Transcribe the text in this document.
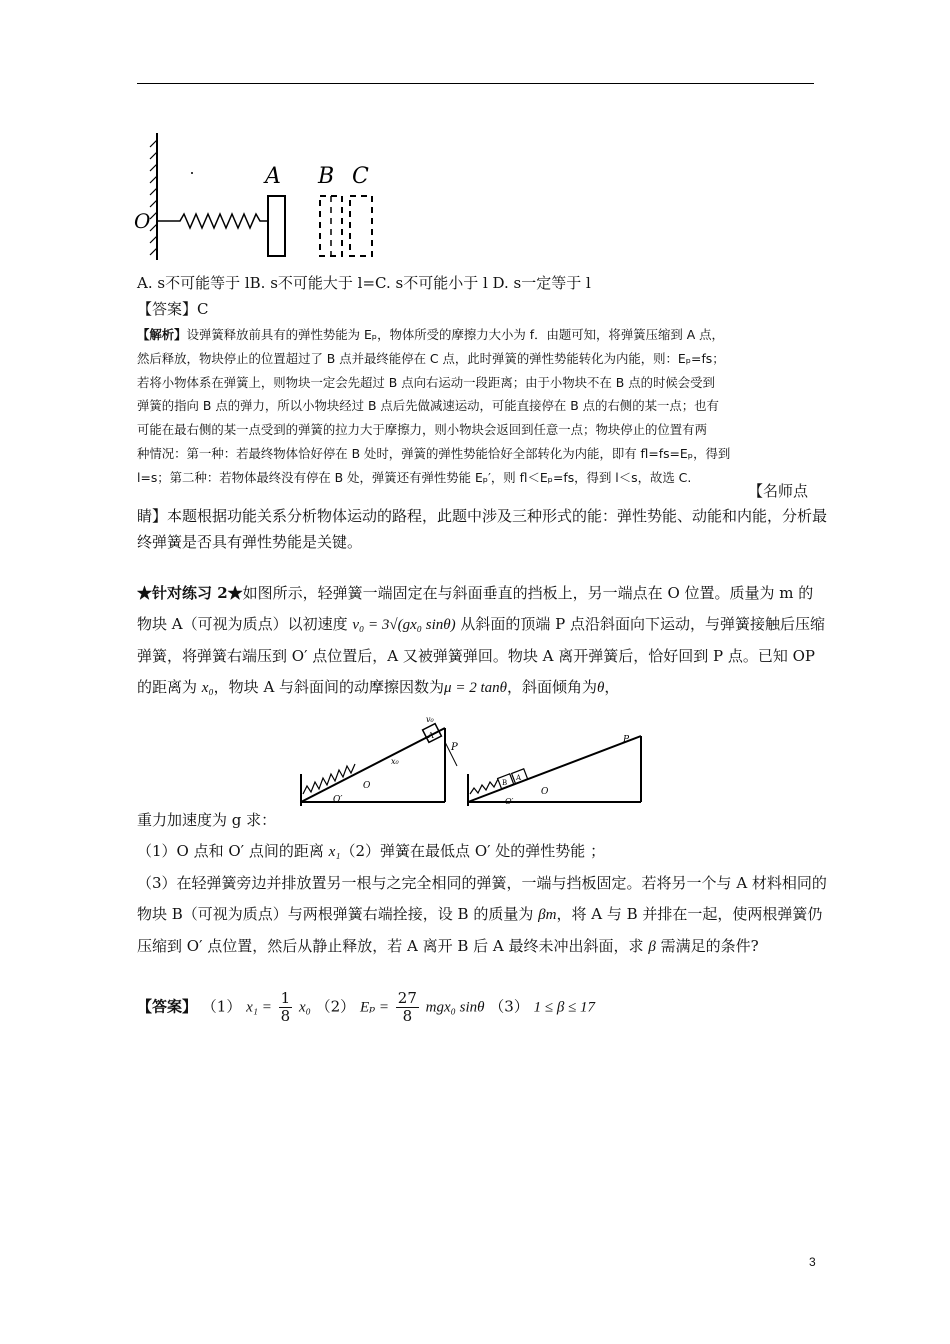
O
A B C
A. s不可能等于 lB. s不可能大于 l=C. s不可能小于 l D. s一定等于 l
【答案】C
【解析】设弹簧释放前具有的弹性势能为 Eₚ，物体所受的摩擦力大小为 f．由题可知，将弹簧压缩到 A 点，
然后释放，物块停止的位置超过了 B 点并最终能停在 C 点，此时弹簧的弹性势能转化为内能，则：Eₚ=fs；
若将小物体系在弹簧上，则物块一定会先超过 B 点向右运动一段距离；由于小物块不在 B 点的时候会受到
弹簧的指向 B 点的弹力，所以小物块经过 B 点后先做减速运动，可能直接停在 B 点的右侧的某一点；也有
可能在最右侧的某一点受到的弹簧的拉力大于摩擦力，则小物块会返回到任意一点；物块停止的位置有两
种情况：第一种：若最终物体恰好停在 B 处时，弹簧的弹性势能恰好全部转化为内能，即有 fl=fs=Eₚ，得到
l=s；第二种：若物体最终没有停在 B 处，弹簧还有弹性势能 Eₚ′，则 fl＜Eₚ=fs，得到 l＜s，故选 C.
【名师点
睛】本题根据功能关系分析物体运动的路程，此题中涉及三种形式的能：弹性势能、动能和内能，分析最终弹簧是否具有弹性势能是关键。
★针对练习 2★如图所示，轻弹簧一端固定在与斜面垂直的挡板上，另一端点在 O 位置。质量为 m 的物块 A（可视为质点）以初速度 v₀ = 3√(gx₀ sinθ) 从斜面的顶端 P 点沿斜面向下运动，与弹簧接触后压缩弹簧，将弹簧右端压到 O′ 点位置后，A 又被弹簧弹回。物块 A 离开弹簧后，恰好回到 P 点。已知 OP 的距离为 x₀，物块 A 与斜面间的动摩擦因数为μ = 2 tanθ，斜面倾角为θ，
A
P
v₀
x₀
O
O′
B
A
P
O
O′
重力加速度为 g 求：
（1）O 点和 O′ 点间的距离 x₁（2）弹簧在最低点 O′ 处的弹性势能 ；
（3）在轻弹簧旁边并排放置另一根与之完全相同的弹簧，一端与挡板固定。若将另一个与 A 材料相同的物块 B（可视为质点）与两根弹簧右端拴接，设 B 的质量为 βm，将 A 与 B 并排在一起，使两根弹簧仍压缩到 O′ 点位置，然后从静止释放，若 A 离开 B 后 A 最终未冲出斜面，求 β 需满足的条件?
【答案】 （1） $x_1 = \frac{1}{8} x_0$ （2） $E_p = \frac{27}{8} mgx_0$ sinθ （3） 1 ≤ β ≤ 17
3
